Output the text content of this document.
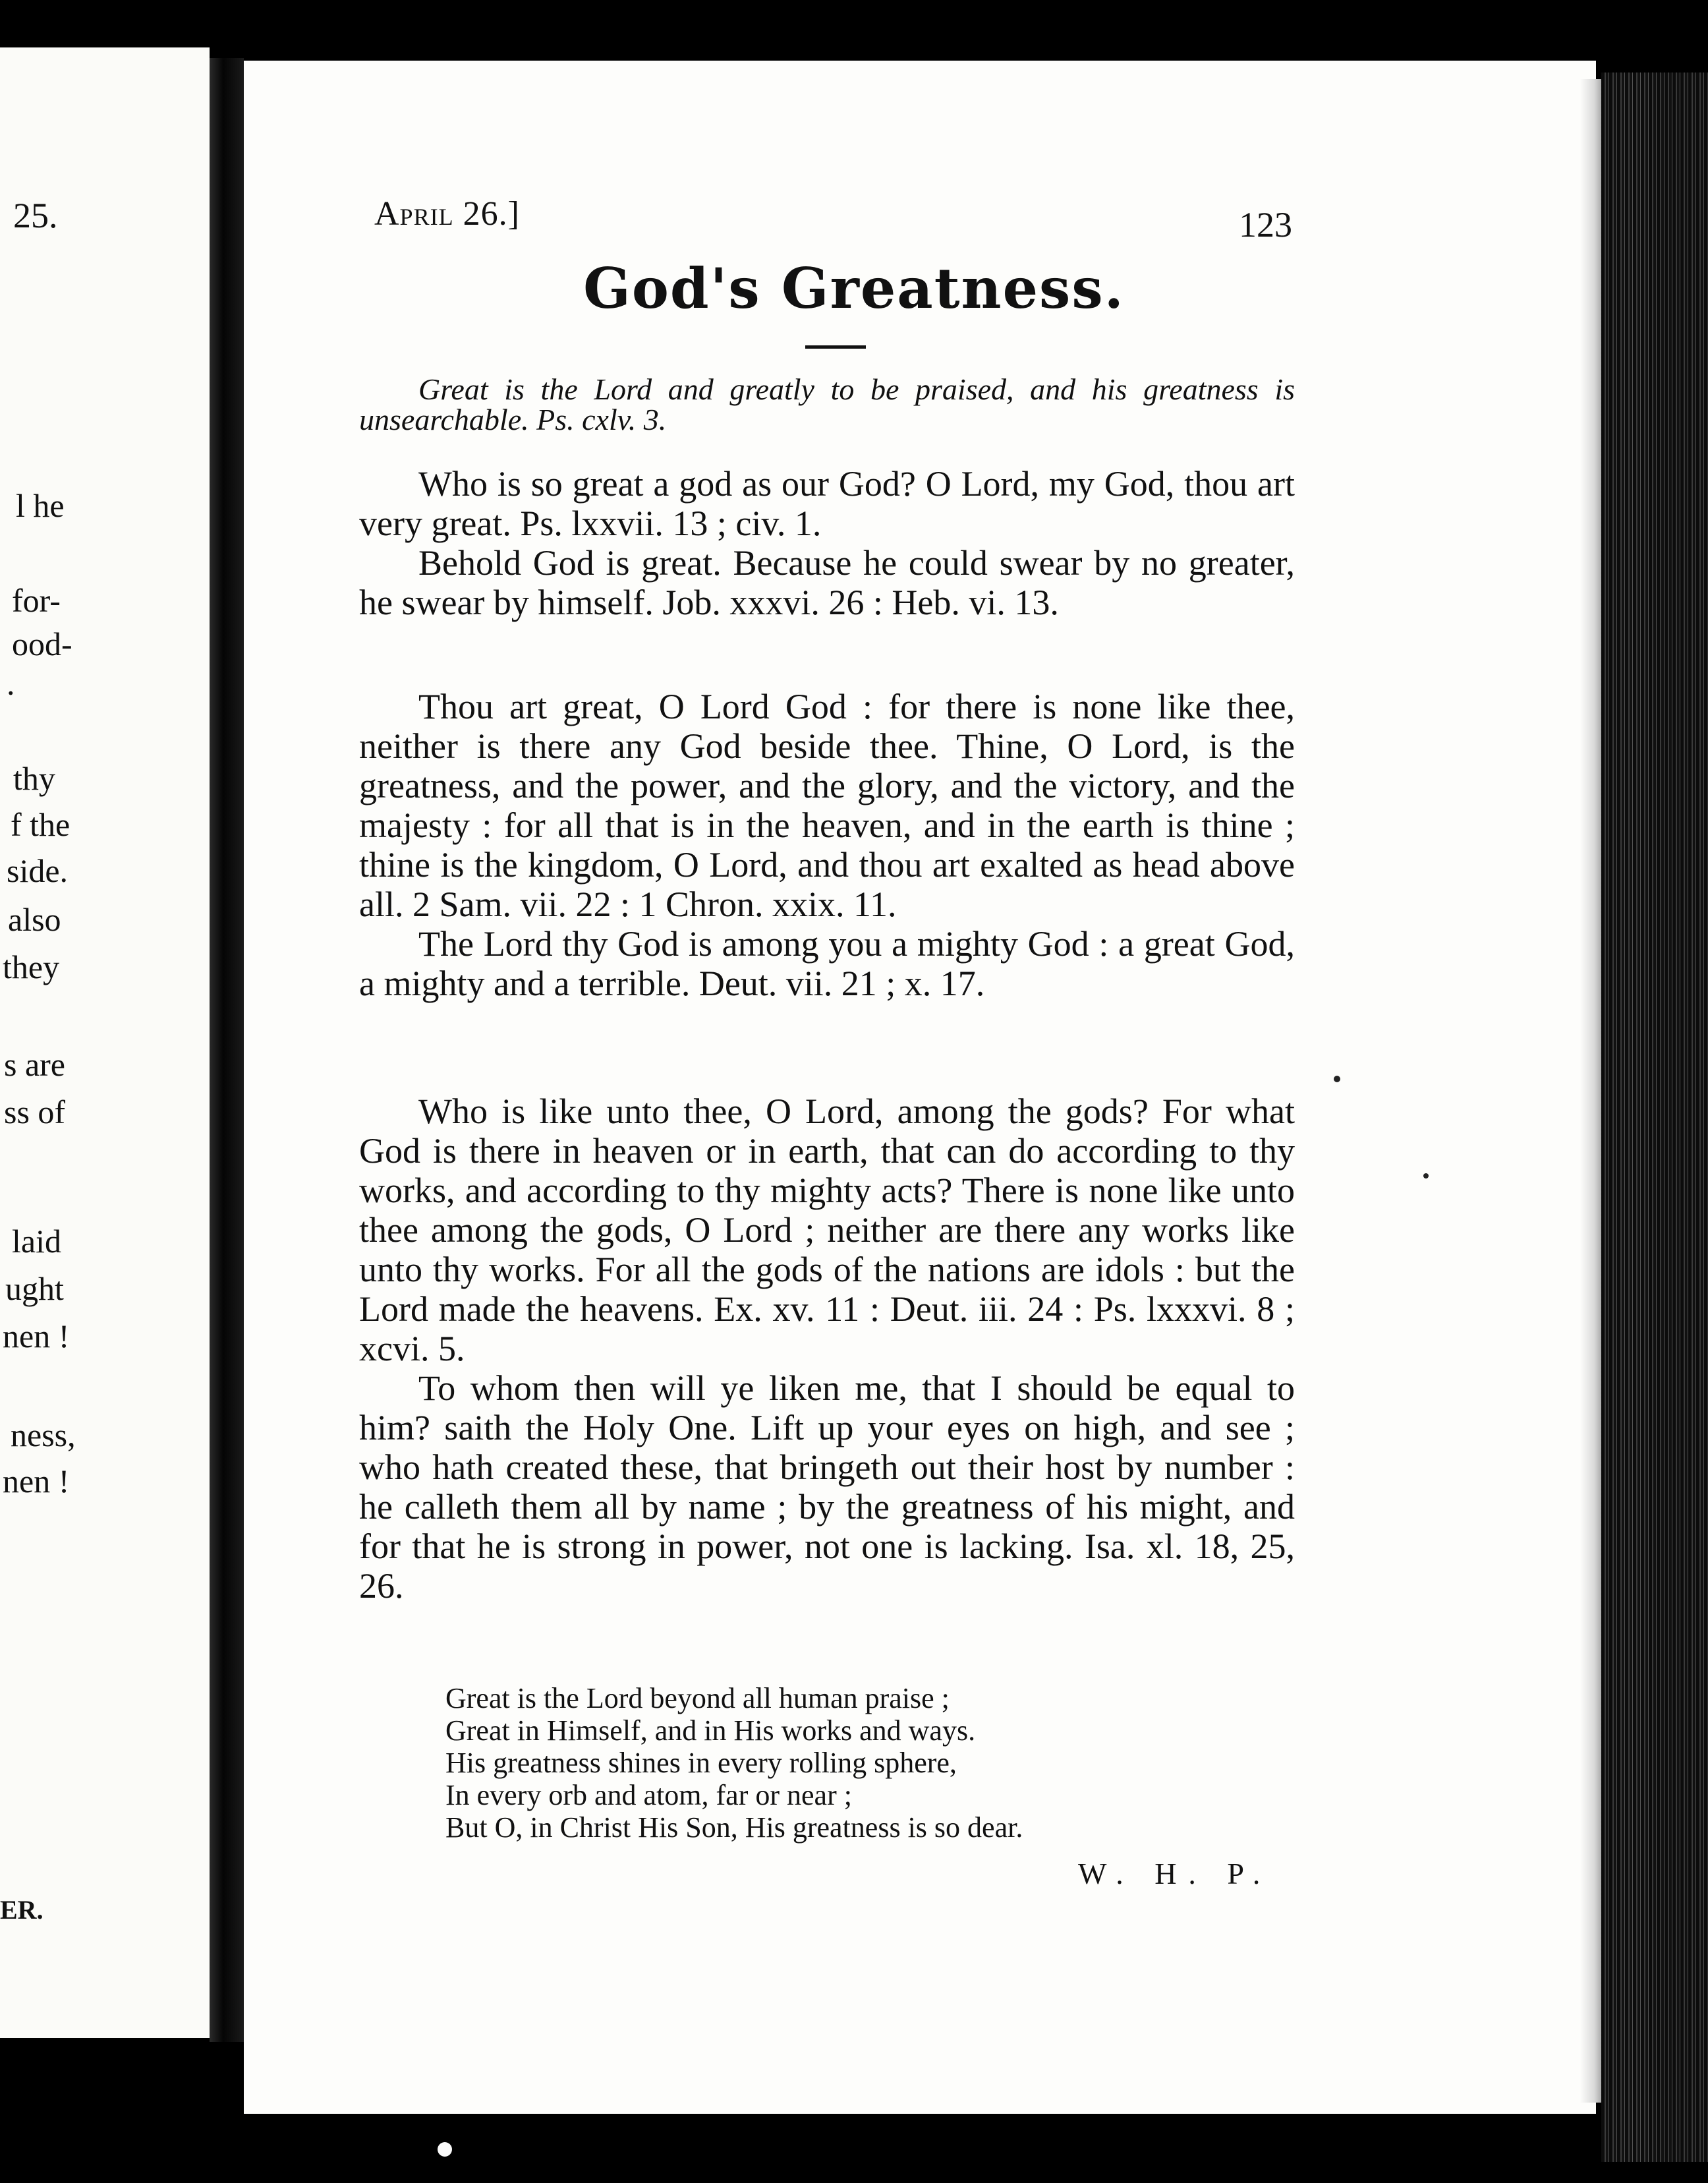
25.
l he
for-
ood-
.
thy
f the
side.
also
they
s are
ss of
laid
ught
nen !
ness,
nen !
ER.
April 26.]	123
God's Greatness.

Great is the Lord and greatly to be praised, and his greatness is unsearchable. Ps. cxlv. 3.

Who is so great a god as our God? O Lord, my God, thou art very great. Ps. lxxvii. 13 ; civ. 1.

Behold God is great. Because he could swear by no greater, he swear by himself. Job. xxxvi. 26 : Heb. vi. 13.

Thou art great, O Lord God : for there is none like thee, neither is there any God beside thee. Thine, O Lord, is the greatness, and the power, and the glory, and the victory, and the majesty : for all that is in the heaven, and in the earth is thine ; thine is the kingdom, O Lord, and thou art exalted as head above all. 2 Sam. vii. 22 : 1 Chron. xxix. 11.

The Lord thy God is among you a mighty God : a great God, a mighty and a terrible. Deut. vii. 21 ; x. 17.

Who is like unto thee, O Lord, among the gods? For what God is there in heaven or in earth, that can do according to thy works, and according to thy mighty acts? There is none like unto thee among the gods, O Lord ; neither are there any works like unto thy works. For all the gods of the nations are idols : but the Lord made the heavens. Ex. xv. 11 : Deut. iii. 24 : Ps. lxxxvi. 8 ; xcvi. 5.

To whom then will ye liken me, that I should be equal to him? saith the Holy One. Lift up your eyes on high, and see ; who hath created these, that bringeth out their host by number : he calleth them all by name ; by the greatness of his might, and for that he is strong in power, not one is lacking. Isa. xl. 18, 25, 26.

Great is the Lord beyond all human praise ;
Great in Himself, and in His works and ways.
His greatness shines in every rolling sphere,
In every orb and atom, far or near ;
But O, in Christ His Son, His greatness is so dear.
W. H. P.
